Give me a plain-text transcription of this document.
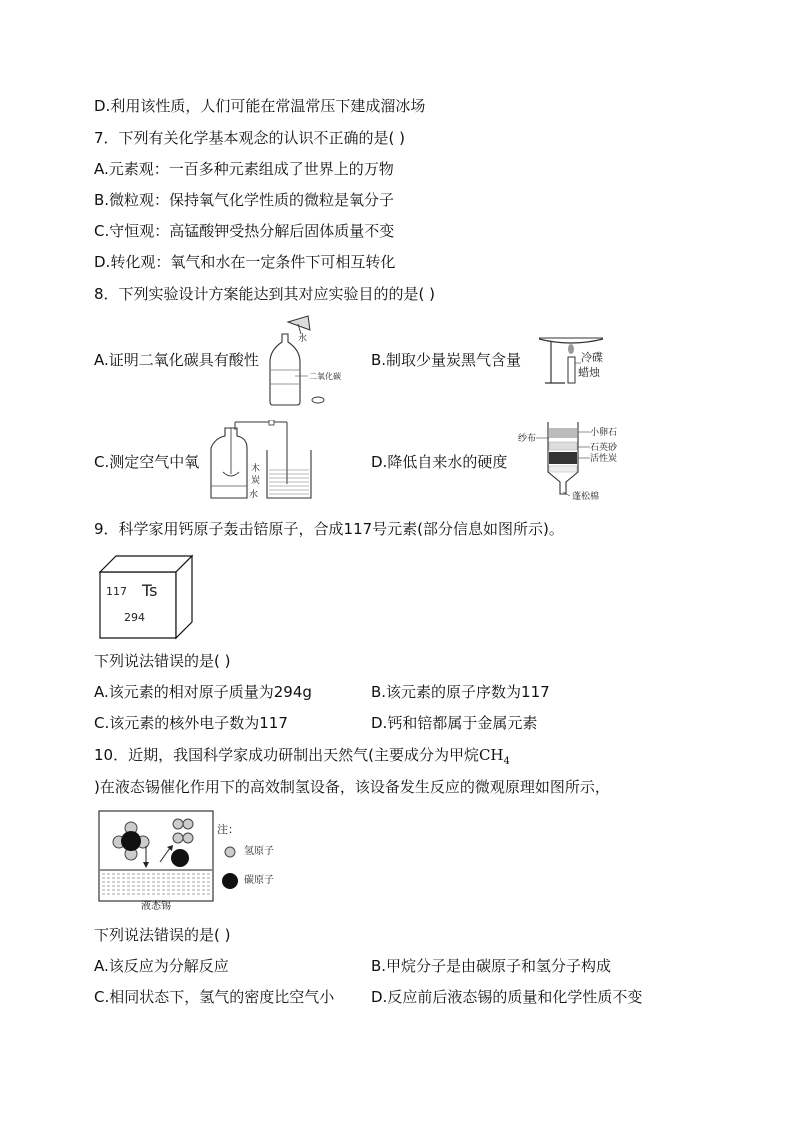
D.利用该性质，人们可能在常温常压下建成溜冰场
7．下列有关化学基本观念的认识不正确的是( )
A.元素观：一百多种元素组成了世界上的万物
B.微粒观：保持氧气化学性质的微粒是氧分子
C.守恒观：高锰酸钾受热分解后固体质量不变
D.转化观：氧气和水在一定条件下可相互转化
8．下列实验设计方案能达到其对应实验目的的是( )
A.证明二氧化碳具有酸性	B.制取少量炭黑气含量
C.测定空气中氧	D.降低自来水的硬度
水
二氧化碳
冷碟
蜡烛
木
炭
水
纱布
小卵石
石英砂
活性炭
蓬松棉
9．科学家用钙原子轰击锫原子，合成117号元素(部分信息如图所示)。
117 Ts
294
下列说法错误的是( )
A.该元素的相对原子质量为294g	B.该元素的原子序数为117
C.该元素的核外电子数为117	D.钙和锫都属于金属元素
10．近期，我国科学家成功研制出天然气(主要成分为甲烷$CH_4$
)在液态锡催化作用下的高效制氢设备，该设备发生反应的微观原理如图所示，
注：
氢原子
碳原子
液态锡
下列说法错误的是( )
A.该反应为分解反应	B.甲烷分子是由碳原子和氢分子构成
C.相同状态下，氢气的密度比空气小 D.反应前后液态锡的质量和化学性质不变
